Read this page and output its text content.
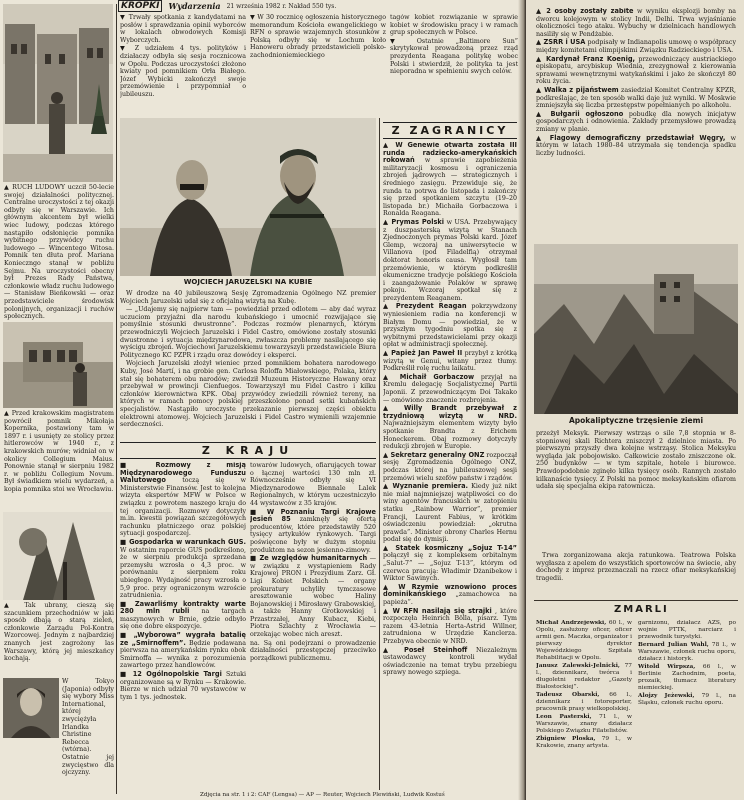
KROPKI	Wydarzenia 21 września 1982 r. Nakład 550 tys.

▲ RUCH LUDOWY uczcił 50-lecie swojej działalności politycznej. Centralne uroczystości z tej okazji odbyły się w Warszawie. Ich głównym akcentem był wielki wiec ludowy, podczas którego nastąpiło odsłonięcie pomnika wybitnego przywódcy ruchu ludowego — Wincentego Witosa. Pomnik ten dłuta prof. Mariana Konieczngo stanął w pobliżu Sejmu. Na uroczystości obecny był Prezes Rady Państwa, członkowie władz ruchu ludowego — Stanisław Bieńkowski — oraz przedstawiciele środowisk polonijnych, organizacji i ruchów społecznych.

▲ Przed krakowskim magistratem powrócił pomnik Mikołaja Kopernika, postawiony tam w 1897 r. i usunięty ze stolicy przez hitlerowców w 1940 r., z krakowskich murów; widniał on w okolicy Collegium Maius. Ponownie stanął w sierpniu 1982 r. w pobliżu Collegium Novum. Był świadkiem wielu wydarzeń, a kopia pomnika stoi we Wrocławiu.

▲ Tak ubrany, cieszą się szacunkiem przechodniów w jaki sposób dbają o starą zieleń, członkowie Zarządu Pol-Kontra Wzorcowej. Jednym z najbardziej znanych jest zagrożony las Warszawy, którą jej mieszkańcy kochają.

W Tokyo (Japonia) odbyły się wybory Miss International, której zwyciężyła Irlandka Christine Rebecca (wtórna). Ostatnie jej zwycięstwo dla ojczyzny.

▼ Trwały spotkania z kandydatami na posłów i sprawdzania opinii wyborców w lokalach obwodowych Komisji Wyborczych.

▼ Z udziałem 4 tys. polityków i działaczy odbyła się sesja rocznicowa w Opolu. Podczas uroczystości złożono kwiaty pod pomnikiem Orła Białego. Józef Wybicki zakończył swoje przemówienie i przypomniał o jubileuszu.

▼ W 30 rocznicę ogłoszenia historycznego memorandum Kościoła ewangelickiego w RFN o sprawie wzajemnych stosunków z Polską odbyły się w Lochum koło Hanoweru obrady przedstawicieli polsko-zachodnioniemieckiego

tagów kobiet rozwiązanie w sprawie kobiet w środowisku pracy i w ramach grup społecznych w Polsce.

▼ Ostatnie „Baltimore Sun” skrytykował prowadzoną przez rząd prezydenta Reagana politykę wobec Polski i stwierdził, że polityka ta jest nieporadna w spełnieniu swych celów.

WOJCIECH JARUZELSKI NA KUBIE

W drodze na 40 jubileuszową Sesję Zgromadzenia Ogólnego NZ premier Wojciech Jaruzelski udał się z oficjalną wizytą na Kubę.

— „Udajemy się najpierw tam — powiedział przed odlotem — aby dać wyraz uczuciom przyjaźni dla narodu kubańskiego i umocnić rozwijające się pomyślnie stosunki dwustronne”. Podczas rozmów plenarnych, którym przewodniczyli Wojciech Jaruzelski i Fidel Castro, omówione zostały stosunki dwustronne i sytuacja międzynarodowa, zwłaszcza problemy nasilającego się wyścigu zbrojeń. Wojciechowi Jaruzelskiemu towarzyszyli przedstawiciele Biura Politycznego KC PZPR i rządu oraz dowódcy i eksperci.

Wojciech Jaruzelski złożył wieniec przed pomnikiem bohatera narodowego Kuby, José Martí, i na grobie gen. Carlosa Roloffa Miałowskiego, Polaka, który stał się bohaterem obu narodów; zwiedził Muzeum Historyczne Hawany oraz przebywał w prowincji Cienfuegos. Towarzyszył mu Fidel Castro i kilku członków kierownictwa KPK. Obaj przywódcy zwiedzili również tereny, na których w ramach pomocy polskiej przeszkolono ponad setki kubańskich specjalistów. Nastąpiło uroczyste przekazanie pierwszej części obiektu elektrowni atomowej. Wojciech Jaruzelski i Fidel Castro wymienili wzajemnie serdeczności.

Z KRAJU

■ Rozmowy z misją Międzynarodowego Funduszu Walutowego	toczą się w Ministerstwie Finansów. Jest to kolejna wizyta ekspertów MFW w Polsce w związku z powrotem naszego kraju do tej organizacji. Rozmowy dotyczyły m.in. kwestii powiązań szczegółowych rachunku płatniczego oraz polskiej sytuacji gospodarczej.

■ Gospodarka w warunkach GUS. W ostatnim raporcie GUS podkreślono, że w sierpniu produkcja sprzedana przemysłu wzrosła o 4,3 proc. w porównaniu z sierpniem roku ubiegłego. Wydajność pracy wzrosła o 5,9 proc. przy ograniczonym wzroście zatrudnienia.

■ Zawarliśmy kontrakty warte 280 mln rubli na targach maszynowych w Brnie, gdzie odbyło się one dobre ekspozycje.

■ „Wyborowa” wygrała batalię ze „Smirnoffem”. Będzie podawana pierwsza na amerykańskim rynku obok Smirnoffa — wynika z porozumienia zawartego przez handlowców.

■ 12 Ogólnopolskie Targi Sztuki organizowane są w Rynku — Krakowie. Bierze w nich udział 70 wystawców w tym 1 tys. jednostek.

towarów ludowych, ofiarujących towar o łącznej wartości 130 mln zł. Równocześnie odbyły się VI Międzynarodowe Biennale Lalek Regionalnych, w którym uczestniczyło 44 wystawców z 35 krajów.

■ W Poznaniu Targi Krajowe Jesień 85 zamknęły się ofertą producentów, które przedstawiły 520 tysięcy artykułów rynkowych. Targi poświęcone były w dużym stopniu produktom na sezon jesienno-zimowy.

■ Ze względów humanitarnych — w związku z wystąpieniem Rady Krajowej PRON i Prezydium Zarz. Gł. Ligi Kobiet Polskich — organy prokuratury uchyliły tymczasowe aresztowanie wobec Haliny Bojanowskiej i Mirosławy Grabowskiej, a także Hanny Grotkowskiej i Przastrzałej, Anny Kubacz, Kiebi, Piotra Szlachty z Wrocławia — orzekając wobec nich areszt.

na. Są oni podejrzani o prowadzenie działalności przestępczej przeciwko porządkowi publicznemu.

Z ZAGRANICY

▲ W Genewie otwarta została III runda radziecko-amerykańskich rokowań w sprawie zapobieżenia militaryzacji kosmosu i ograniczenia zbrojeń jądrowych — strategicznych i średniego zasięgu. Przewiduje się, że runda ta potrwa do listopada i zakończy się przed spotkaniem szczytu (19–20 listopada br.) Michaiła Gorbaczowa i Ronalda Reagana.

▲ Prymas Polski w USA. Przebywający z duszpasterską wizytą w Stanach Zjednoczonych prymas Polski kard. Józef Glemp, wczoraj na uniwersytecie w Villanova (pod Filadelfią) otrzymał doktorat honoris causa. Wygłosił tam przemówienie, w którym podkreślił ekumeniczne tradycje polskiego Kościoła i zaangażowanie Polaków w sprawę pokoju. Wczoraj spotkał się z prezydentem Reaganem.

▲ Prezydent Reagan pokrzywdzony wyniesieniem radia na konferencji w Białym Domu — powiedział, że w przyszłym tygodniu spotka się z wybitnymi przedstawicielami przy okazji opłat w administracji społecznej.

▲ Papież Jan Paweł II przybył z krótką wizytą w Genui, witany przez tłumy. Podkreślił rolę ruchu laikatu.

▲ Michaił Gorbaczow przyjął na Kremlu delegację Socjalistycznej Partii Japonii. Z przewodniczącym Doi Takako — omówiono znaczenie rozbrojenia.

▲ Willy Brandt przebywał z trzydniową wizytą w NRD. Najważniejszym elementem wizyty było spotkanie Brandta z Erichem Honeckerem. Obaj rozmowy dotyczyły redukcji zbrojeń w Europie.

▲ Sekretarz generalny ONZ rozpoczął sesję Zgromadzenia Ogólnego ONZ, podczas której na jubileuszowej sesji przemówi wielu szefów państw i rządów.

▲ Wyznanie premiera. Kiedy już nikt nie miał najmniejszej wątpliwości co do winy agentów francuskich w zatopieniu statku „Rainbow Warrior”, premier Francji, Laurent Fabius, w krótkim oświadczeniu powiedział: „okrutna prawda”. Minister obrony Charles Hernu podał się do dymisji.

▲ Statek kosmiczny „Sojuz T-14” połączył się z kompleksem orbitalnym „Salut-7” — „Sojuz T-13”, którym od czerwca pracują: Władimir Dżanibekow i Wiktor Sawinych.

▲ W Rzymie wznowiono proces dominikańskiego „zamachowca na papieża”.

▲ W RFN nasilają się strajki , które rozpoczęła Heinrich Bölla, pisarz. Tym razem 43-letnia Herta-Astrid Willner, zatrudniona w Urzędzie Kanclerza. Przebywa obecnie w NRD.

▲ Poseł Steinhoff Niezależnym ustawodawcy kontroli wydał oświadczenie na temat trybu przebiegu sprawy nowego szpiega.

Zdjęcia na str. 1 i 2: CAF (Lengsa) — AP — Reuter, Wojciech Plewiński, Ludwik Kostuś

▲ 2 osoby zostały zabite w wyniku eksplozji bomby na dworcu kolejowym w stolicy Indii, Delhi. Trwa wyjaśnianie okoliczności tego ataku. Wybuchy w dzielnicach handlowych nasiliły się w Pendżabie.

▲ ZSRR i USA podpisały w Indianapolis umowę o współpracy między komitetami olimpijskimi Związku Radzieckiego i USA.

▲ Kardynał Franz Koenig, przewodniczący austriackiego episkopatu, arcybiskup Wiednia, zrezygnował z kierowania sprawami wewnętrznymi watykańskimi i jako że skończył 80 roku życia.

▲ Walka z pijaństwem zasiedział Komitet Centralny KPZR, podkreślając, że ten sposób walki daje już wyniki. W Moskwie zmniejszyła się liczba przestępstw popełnianych po alkoholu.

▲ Bułgarii ogłoszono pobudkę dla nowych inicjatyw gospodarczych i odnowienia. Zakłady przemysłowe prowadzą zmiany w planie.

▲ Flagowy demograficzny przedstawiał Węgry, w którym w latach 1980–84 utrzymała się tendencja spadku liczby ludności.

Apokaliptyczne trzęsienie ziemi

przeżył Meksyk. Pierwszy wstrząs o sile 7,8 stopnia w 8-stopniowej skali Richtera zniszczył 2 dzielnice miasta. Po pierwszym przyszły dwa kolejne wstrząsy. Stolica Meksyku wygląda jak pobojowisko. Całkowicie zostało zniszczone ok. 250 budynków — w tym szpitale, hotele i biurowce. Prawdopodobnie zginęło kilka tysięcy osób. Rannych zostało kilkanaście tysięcy. Z Polski na pomoc meksykańskim ofiarom udała się specjalna ekipa ratownicza.

Trwa zorganizowana akcja ratunkowa. Teatrowa Polska wygłasza z apelem do wszystkich sportowców na świecie, aby dochody z imprez przeznaczali na rzecz ofiar meksykańskiej tragedii.

ZMARLI

Michał Andrzejewski, 60 l., w Opolu, zasłużony oficer, oficer armii gen. Maczka, organizator i pierwszy dyrektor Wojewódzkiego Szpitala Rehabilitacji w Opolu.

Janusz Zalewski-Jelnicki, 77 l., dziennikarz, twórca i długoletni redaktor „Gazety Białostockiej”.

Tadeusz Obarski, 66 l., dziennikarz i fotoreporter, pracownik prasy wielkopolskiej.

Leon Pasterski, 71 l., w Warszawie, znany działacz Polskiego Związku Filatelistów.

Zbigniew Ploska, 79 l., w Krakowie, znany artysta.

garnizonu, działacz AZS, po wojnie PTTK, narciarz i przewodnik turystyki.

Bernard Julian Wahl, 78 l., w Warszawie, członek ruchu oporu, działacz i historyk.

Witold Wirpsza, 66 l., w Berlinie Zachodnim, poeta, prozaik, tłumacz literatury niemieckiej.

Alojzy Jeżewski, 79 l., na Śląsku, członek ruchu oporu.
